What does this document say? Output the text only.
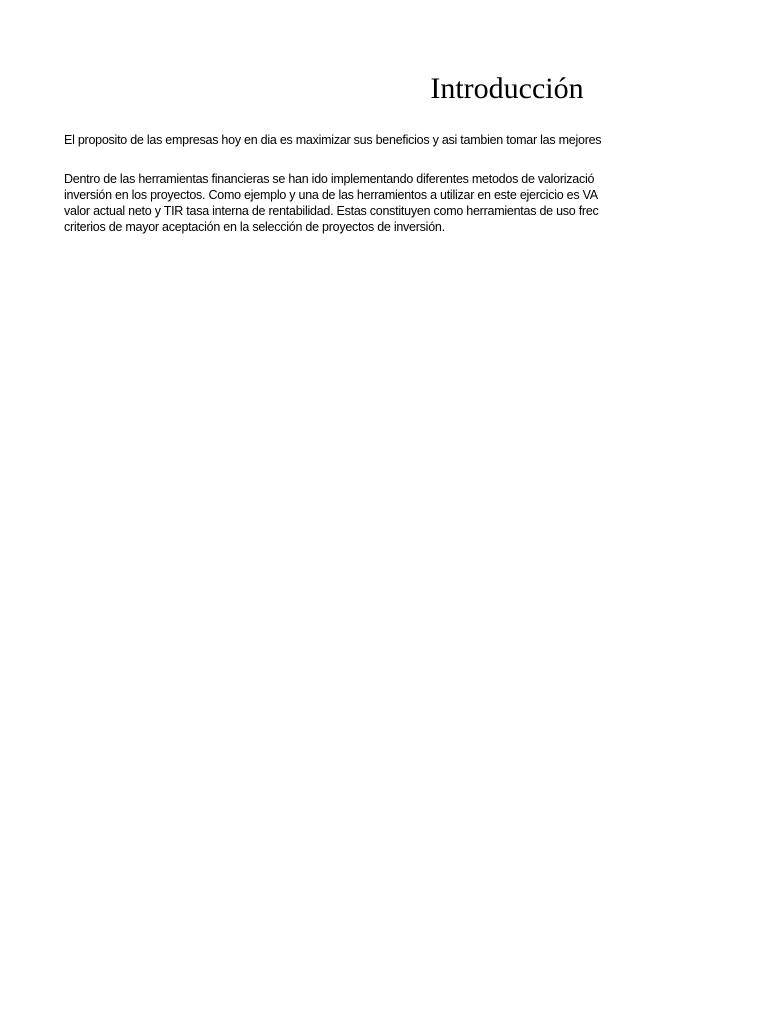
Introducción

El proposito de las empresas hoy en dia es maximizar sus beneficios y asi tambien tomar las mejores

Dentro de las herramientas financieras se han ido implementando diferentes metodos de valorizació

inversión en los proyectos. Como ejemplo y una de las herramientos a utilizar en este ejercicio es VA

valor actual neto y TIR tasa interna de rentabilidad. Estas constituyen como herramientas de uso frec

criterios de mayor aceptación en la selección de proyectos de inversión.
